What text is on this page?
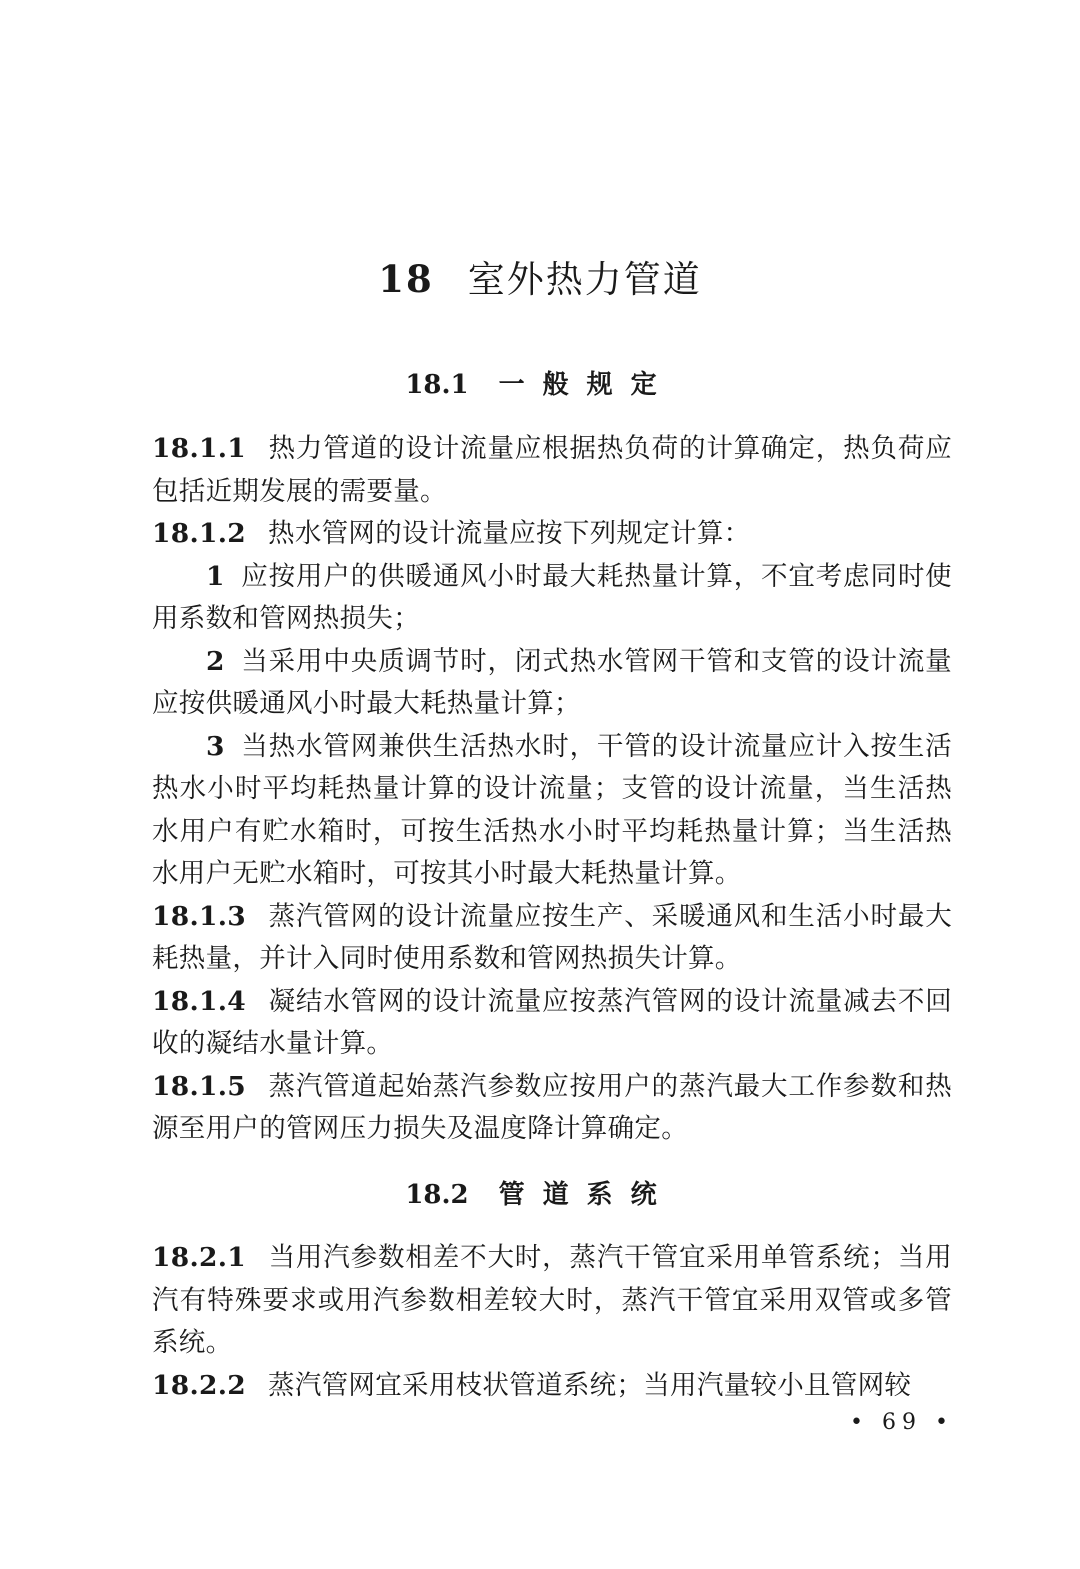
18 室外热力管道
18.1 一般规定

18.1.1 热力管道的设计流量应根据热负荷的计算确定，热负荷应包括近期发展的需要量。

18.1.2 热水管网的设计流量应按下列规定计算：

1 应按用户的供暖通风小时最大耗热量计算，不宜考虑同时使用系数和管网热损失；

2 当采用中央质调节时，闭式热水管网干管和支管的设计流量应按供暖通风小时最大耗热量计算；

3 当热水管网兼供生活热水时，干管的设计流量应计入按生活热水小时平均耗热量计算的设计流量；支管的设计流量，当生活热水用户有贮水箱时，可按生活热水小时平均耗热量计算；当生活热水用户无贮水箱时，可按其小时最大耗热量计算。

18.1.3 蒸汽管网的设计流量应按生产、采暖通风和生活小时最大耗热量，并计入同时使用系数和管网热损失计算。

18.1.4 凝结水管网的设计流量应按蒸汽管网的设计流量减去不回收的凝结水量计算。

18.1.5 蒸汽管道起始蒸汽参数应按用户的蒸汽最大工作参数和热源至用户的管网压力损失及温度降计算确定。

18.2 管道系统

18.2.1 当用汽参数相差不大时，蒸汽干管宜采用单管系统；当用汽有特殊要求或用汽参数相差较大时，蒸汽干管宜采用双管或多管系统。

18.2.2 蒸汽管网宜采用枝状管道系统；当用汽量较小且管网较

• 69 •
